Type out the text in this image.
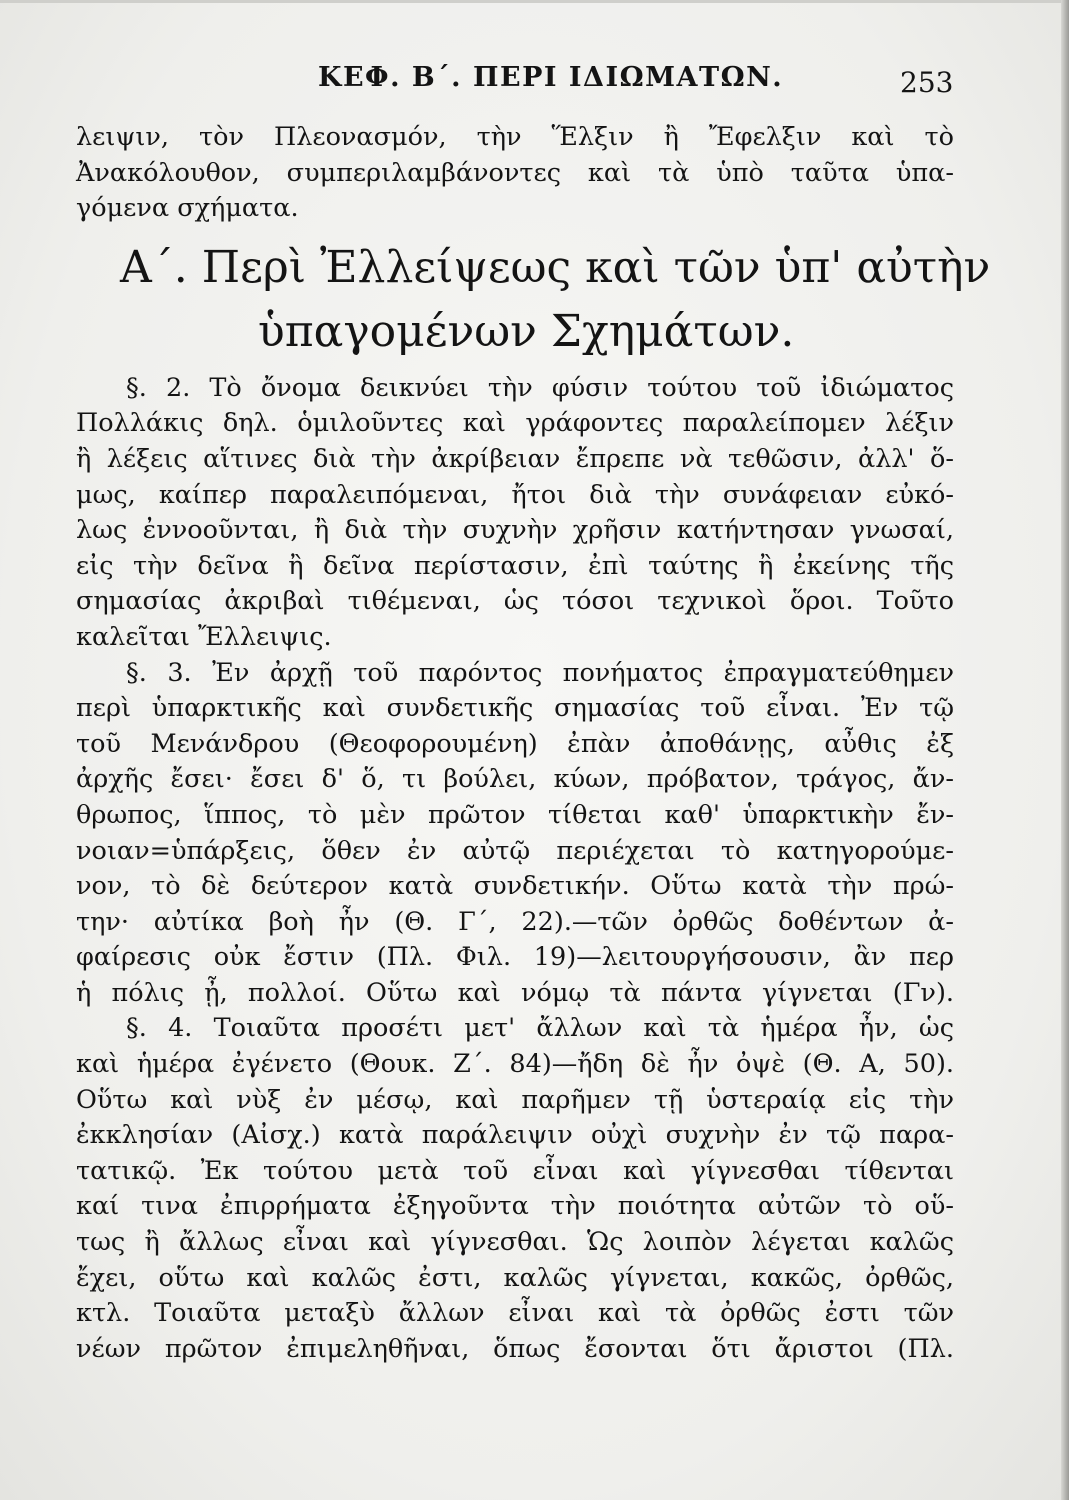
ΚΕΦ. Β΄. ΠΕΡΙ ΙΔΙΩΜΑΤΩΝ.	253
λειψιν, τὸν Πλεονασμόν, τὴν Ἕλξιν ἢ Ἔφελξιν καὶ τὸ
Ἀνακόλουθον, συμπεριλαμβάνοντες καὶ τὰ ὑπὸ ταῦτα ὑπα-
γόμενα σχήματα.
Α΄. Περὶ Ἐλλείψεως καὶ τῶν ὑπ' αὐτὴν
ὑπαγομένων Σχημάτων.
§. 2. Τὸ ὄνομα δεικνύει τὴν φύσιν τούτου τοῦ ἰδιώματος
Πολλάκις δηλ. ὁμιλοῦντες καὶ γράφοντες παραλείπομεν λέξιν
ἢ λέξεις αἵτινες διὰ τὴν ἀκρίβειαν ἔπρεπε νὰ τεθῶσιν, ἀλλ' ὅ-
μως, καίπερ παραλειπόμεναι, ἤτοι διὰ τὴν συνάφειαν εὐκό-
λως ἐννοοῦνται, ἢ διὰ τὴν συχνὴν χρῆσιν κατήντησαν γνωσαί,
εἰς τὴν δεῖνα ἢ δεῖνα περίστασιν, ἐπὶ ταύτης ἢ ἐκείνης τῆς
σημασίας ἀκριβαὶ τιθέμεναι, ὡς τόσοι τεχνικοὶ ὅροι. Τοῦτο
καλεῖται Ἔλλειψις.
§. 3. Ἐν ἀρχῇ τοῦ παρόντος πονήματος ἐπραγματεύθημεν
περὶ ὑπαρκτικῆς καὶ συνδετικῆς σημασίας τοῦ εἶναι. Ἐν τῷ
τοῦ Μενάνδρου (Θεοφορουμένη) ἐπὰν ἀποθάνῃς, αὖθις ἐξ
ἀρχῆς ἔσει· ἔσει δ' ὅ, τι βούλει, κύων, πρόβατον, τράγος, ἄν-
θρωπος, ἵππος, τὸ μὲν πρῶτον τίθεται καθ' ὑπαρκτικὴν ἔν-
νοιαν=ὑπάρξεις, ὅθεν ἐν αὐτῷ περιέχεται τὸ κατηγορούμε-
νον, τὸ δὲ δεύτερον κατὰ συνδετικήν. Οὕτω κατὰ τὴν πρώ-
την· αὐτίκα βοὴ ἦν (Θ. Γ΄, 22).—τῶν ὀρθῶς δοθέντων ἀ-
φαίρεσις οὐκ ἔστιν (Πλ. Φιλ. 19)—λειτουργήσουσιν, ἂν περ
ἡ πόλις ᾖ, πολλοί. Οὕτω καὶ νόμῳ τὰ πάντα γίγνεται (Γν).
§. 4. Τοιαῦτα προσέτι μετ' ἄλλων καὶ τὰ ἡμέρα ἦν, ὡς
καὶ ἡμέρα ἐγένετο (Θουκ. Ζ΄. 84)—ἤδη δὲ ἦν ὀψὲ (Θ. Α, 50).
Οὕτω καὶ νὺξ ἐν μέσῳ, καὶ παρῆμεν τῇ ὑστεραίᾳ εἰς τὴν
ἐκκλησίαν (Αἰσχ.) κατὰ παράλειψιν οὐχὶ συχνὴν ἐν τῷ παρα-
τατικῷ. Ἐκ τούτου μετὰ τοῦ εἶναι καὶ γίγνεσθαι τίθενται
καί τινα ἐπιρρήματα ἐξηγοῦντα τὴν ποιότητα αὐτῶν τὸ οὕ-
τως ἢ ἄλλως εἶναι καὶ γίγνεσθαι. Ὡς λοιπὸν λέγεται καλῶς
ἔχει, οὕτω καὶ καλῶς ἐστι, καλῶς γίγνεται, κακῶς, ὀρθῶς,
κτλ. Τοιαῦτα μεταξὺ ἄλλων εἶναι καὶ τὰ ὀρθῶς ἐστι τῶν
νέων πρῶτον ἐπιμεληθῆναι, ὅπως ἔσονται ὅτι ἄριστοι (Πλ.
